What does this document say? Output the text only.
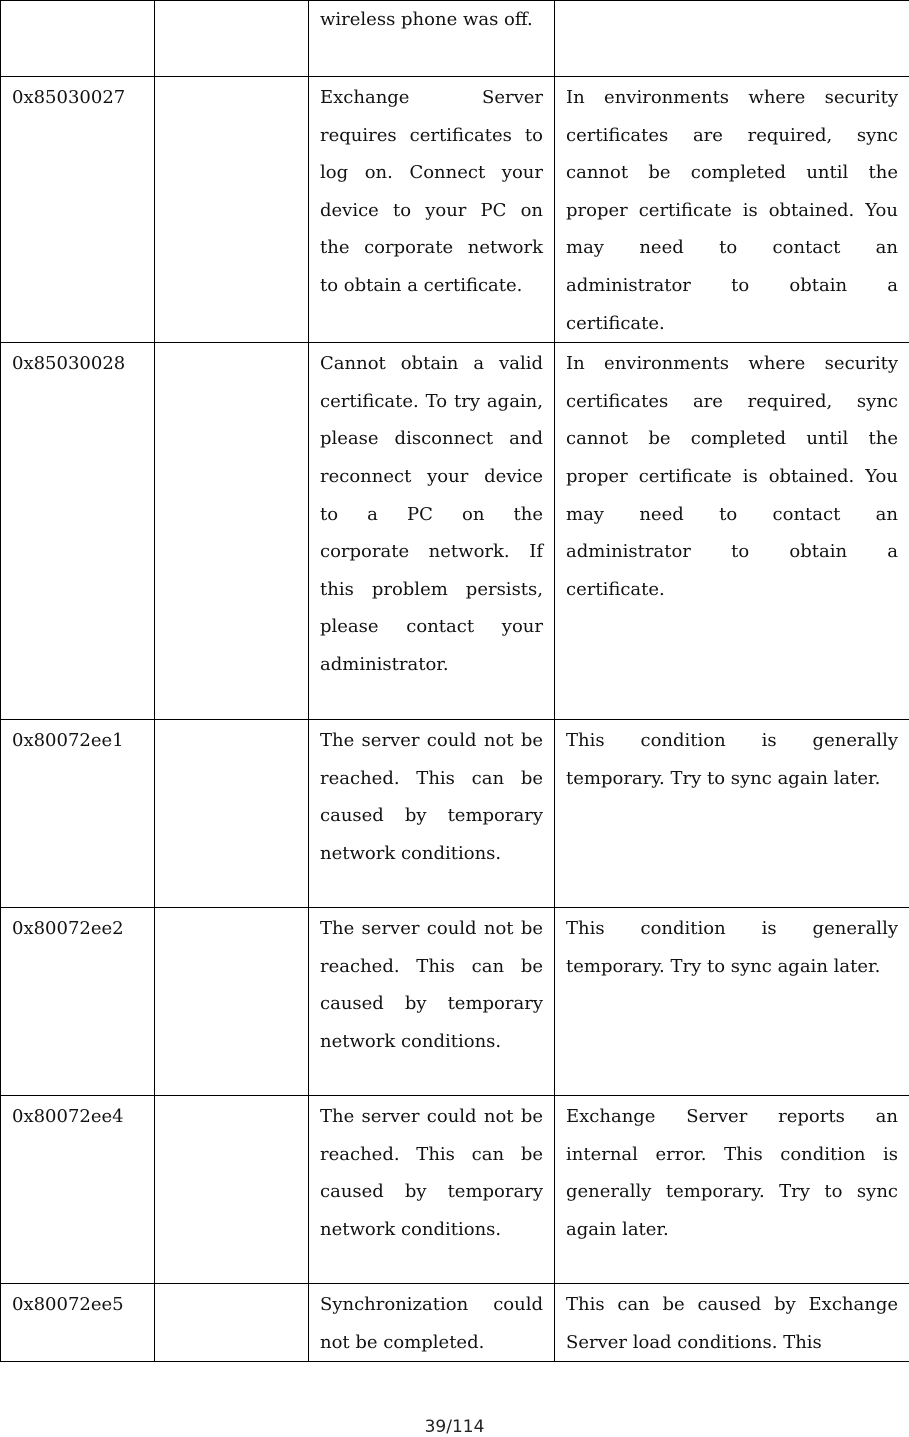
		wireless phone was off.	
0x85030027		Exchange Server requires certificates to log on. Connect your device to your PC on the corporate network to obtain a certificate.	In environments where security certificates are required, sync cannot be completed until the proper certificate is obtained. You may need to contact an administrator to obtain a certificate.
0x85030028		Cannot obtain a valid certificate. To try again, please disconnect and reconnect your device to a PC on the corporate network. If this problem persists, please contact your administrator.	In environments where security certificates are required, sync cannot be completed until the proper certificate is obtained. You may need to contact an administrator to obtain a certificate.
0x80072ee1		The server could not be reached. This can be caused by temporary network conditions.	This condition is generally temporary. Try to sync again later.
0x80072ee2		The server could not be reached. This can be caused by temporary network conditions.	This condition is generally temporary. Try to sync again later.
0x80072ee4		The server could not be reached. This can be caused by temporary network conditions.	Exchange Server reports an internal error. This condition is generally temporary. Try to sync again later.
0x80072ee5		Synchronization could not be completed.	This can be caused by Exchange Server load conditions. This
39/114
